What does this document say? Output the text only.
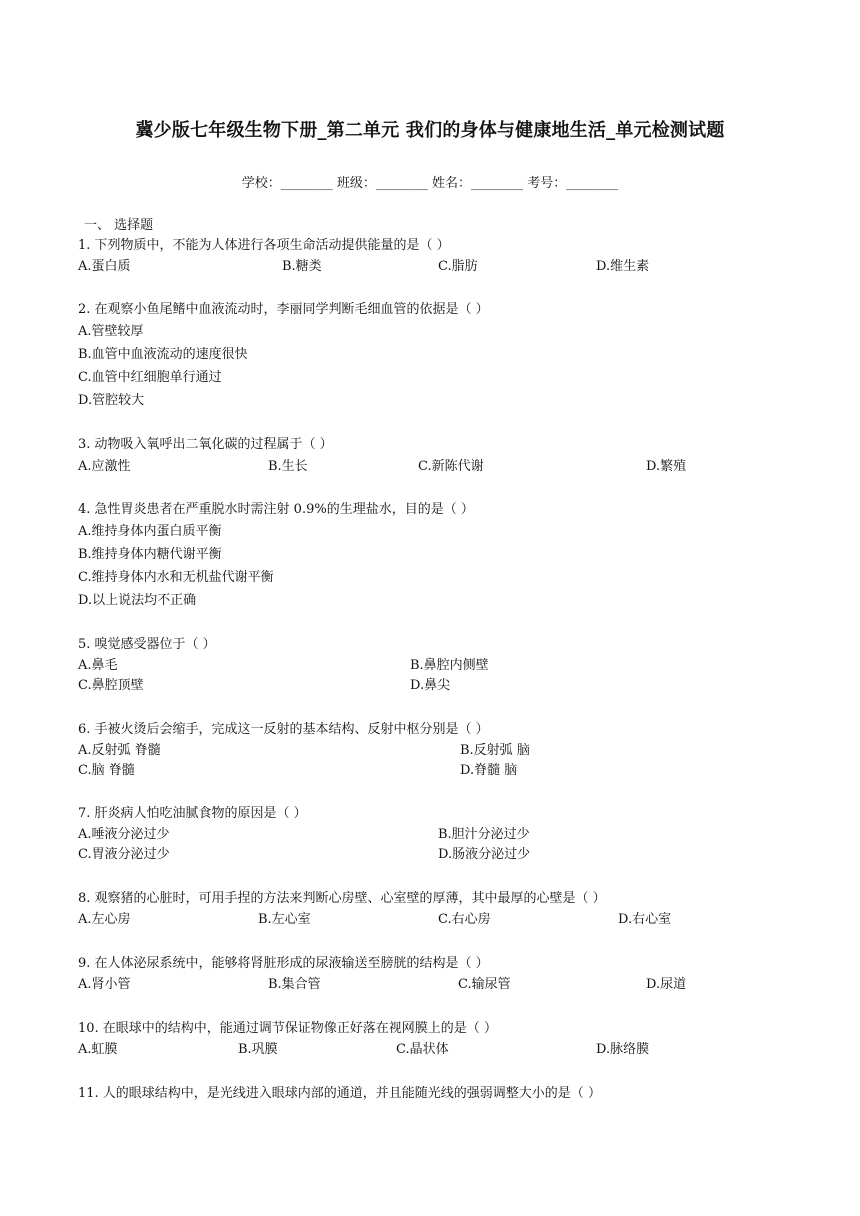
冀少版七年级生物下册_第二单元 我们的身体与健康地生活_单元检测试题
学校：________ 班级：________ 姓名：________ 考号：________
一、 选择题
1. 下列物质中，不能为人体进行各项生命活动提供能量的是（ ）
A.蛋白质	B.糖类	C.脂肪	D.维生素
2. 在观察小鱼尾鳍中血液流动时，李丽同学判断毛细血管的依据是（ ）
A.管壁较厚
B.血管中血液流动的速度很快
C.血管中红细胞单行通过
D.管腔较大
3. 动物吸入氧呼出二氧化碳的过程属于（ ）
A.应激性	B.生长	C.新陈代谢	D.繁殖
4. 急性胃炎患者在严重脱水时需注射 0.9%的生理盐水，目的是（ ）
A.维持身体内蛋白质平衡
B.维持身体内糖代谢平衡
C.维持身体内水和无机盐代谢平衡
D.以上说法均不正确
5. 嗅觉感受器位于（ ）
A.鼻毛	B.鼻腔内侧壁
C.鼻腔顶壁	D.鼻尖
6. 手被火烫后会缩手，完成这一反射的基本结构、反射中枢分别是（ ）
A.反射弧 脊髓	B.反射弧 脑
C.脑 脊髓	D.脊髓 脑
7. 肝炎病人怕吃油腻食物的原因是（ ）
A.唾液分泌过少	B.胆汁分泌过少
C.胃液分泌过少	D.肠液分泌过少
8. 观察猪的心脏时，可用手捏的方法来判断心房壁、心室壁的厚薄，其中最厚的心壁是（ ）
A.左心房	B.左心室	C.右心房	D.右心室
9. 在人体泌尿系统中，能够将肾脏形成的尿液输送至膀胱的结构是（ ）
A.肾小管	B.集合管	C.输尿管	D.尿道
10. 在眼球中的结构中，能通过调节保证物像正好落在视网膜上的是（ ）
A.虹膜	B.巩膜	C.晶状体	D.脉络膜
11. 人的眼球结构中，是光线进入眼球内部的通道，并且能随光线的强弱调整大小的是（ ）
